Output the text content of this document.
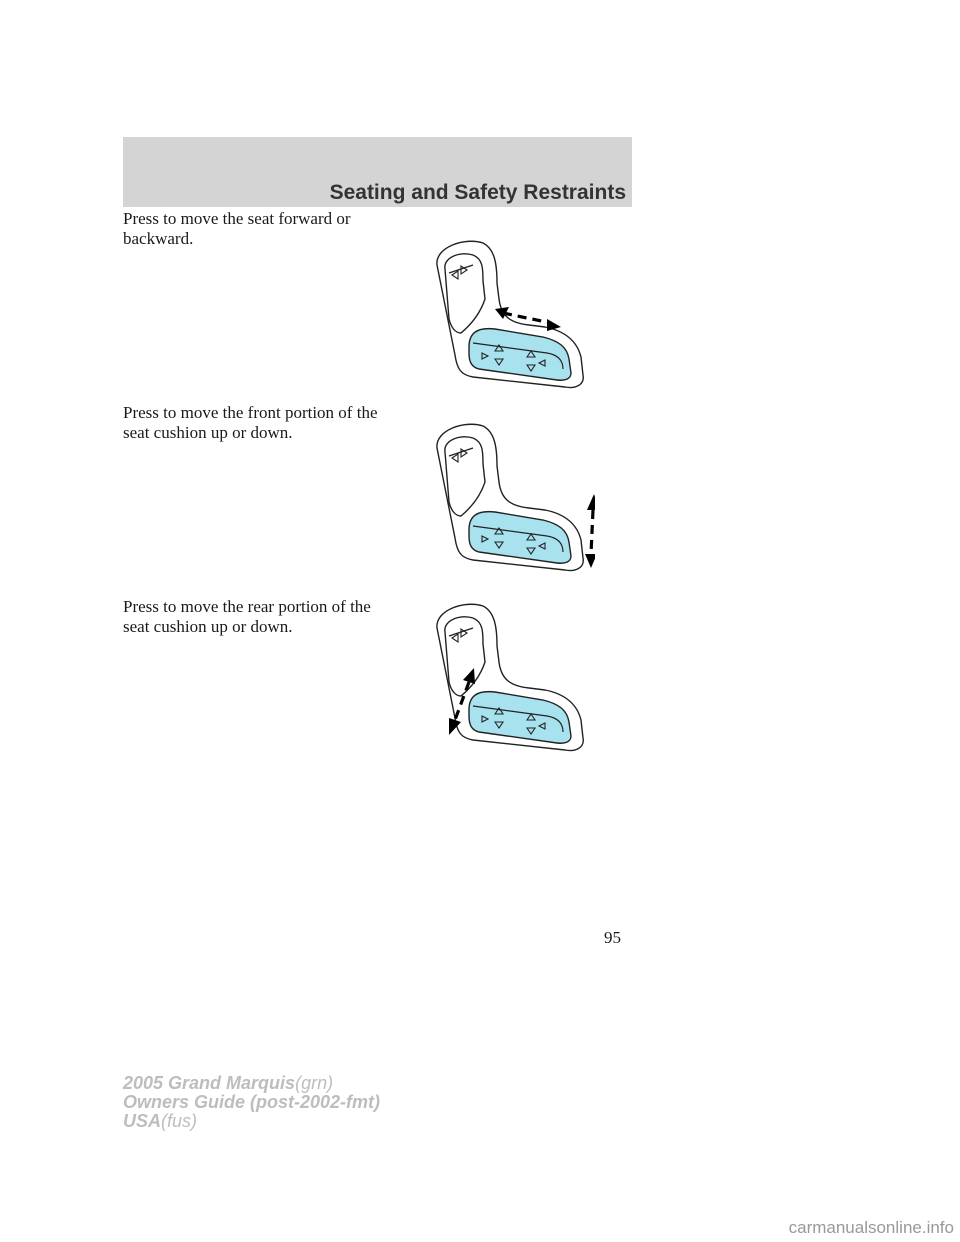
Seating and Safety Restraints

Press to move the seat forward or backward.

Press to move the front portion of the seat cushion up or down.

Press to move the rear portion of the seat cushion up or down.

95
2005 Grand Marquis(grn)
Owners Guide (post-2002-fmt)
USA(fus)
carmanualsonline.info
